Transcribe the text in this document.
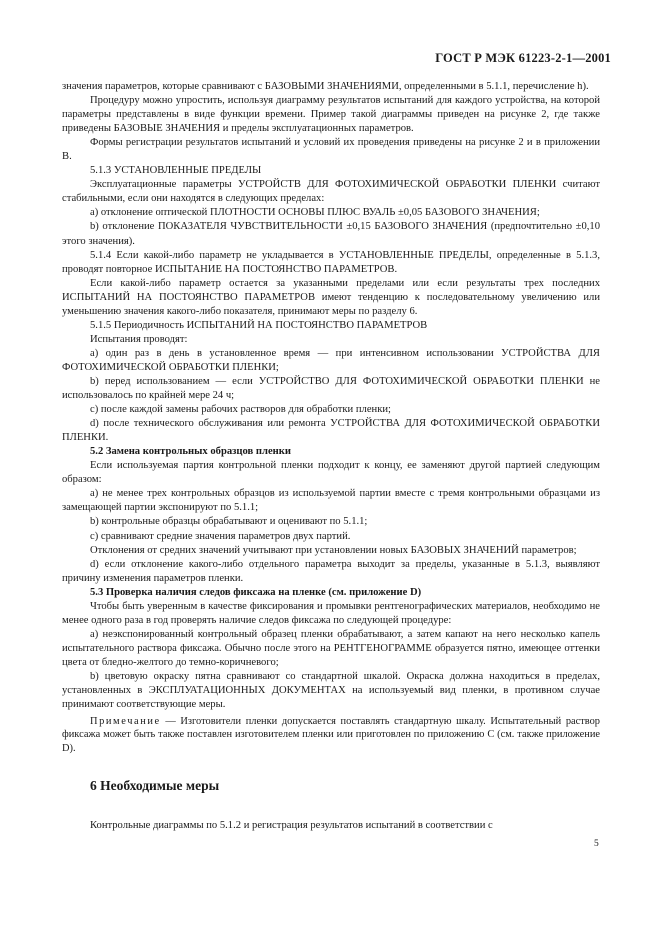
ГОСТ Р МЭК 61223-2-1—2001

значения параметров, которые сравнивают с БАЗОВЫМИ ЗНАЧЕНИЯМИ, определенными в 5.1.1, перечисление h).

Процедуру можно упростить, используя диаграмму результатов испытаний для каждого устройства, на которой параметры представлены в виде функции времени. Пример такой диаграммы приведен на рисунке 2, где также приведены БАЗОВЫЕ ЗНАЧЕНИЯ и пределы эксплуатационных параметров.

Формы регистрации результатов испытаний и условий их проведения приведены на рисунке 2 и в приложении В.

5.1.3 УСТАНОВЛЕННЫЕ ПРЕДЕЛЫ

Эксплуатационные параметры УСТРОЙСТВ ДЛЯ ФОТОХИМИЧЕСКОЙ ОБРАБОТКИ ПЛЕНКИ считают стабильными, если они находятся в следующих пределах:

a) отклонение оптической ПЛОТНОСТИ ОСНОВЫ ПЛЮС ВУАЛЬ ±0,05 БАЗОВОГО ЗНАЧЕНИЯ;

b) отклонение ПОКАЗАТЕЛЯ ЧУВСТВИТЕЛЬНОСТИ ±0,15 БАЗОВОГО ЗНАЧЕНИЯ (предпочтительно ±0,10 этого значения).

5.1.4 Если какой-либо параметр не укладывается в УСТАНОВЛЕННЫЕ ПРЕДЕЛЫ, определенные в 5.1.3, проводят повторное ИСПЫТАНИЕ НА ПОСТОЯНСТВО ПАРАМЕТРОВ.

Если какой-либо параметр остается за указанными пределами или если результаты трех последних ИСПЫТАНИЙ НА ПОСТОЯНСТВО ПАРАМЕТРОВ имеют тенденцию к последовательному увеличению или уменьшению значения какого-либо показателя, принимают меры по разделу 6.

5.1.5 Периодичность ИСПЫТАНИЙ НА ПОСТОЯНСТВО ПАРАМЕТРОВ

Испытания проводят:

a) один раз в день в установленное время — при интенсивном использовании УСТРОЙСТВА ДЛЯ ФОТОХИМИЧЕСКОЙ ОБРАБОТКИ ПЛЕНКИ;

b) перед использованием — если УСТРОЙСТВО ДЛЯ ФОТОХИМИЧЕСКОЙ ОБРАБОТКИ ПЛЕНКИ не использовалось по крайней мере 24 ч;

c) после каждой замены рабочих растворов для обработки пленки;

d) после технического обслуживания или ремонта УСТРОЙСТВА ДЛЯ ФОТОХИМИЧЕСКОЙ ОБРАБОТКИ ПЛЕНКИ.

5.2 Замена контрольных образцов пленки

Если используемая партия контрольной пленки подходит к концу, ее заменяют другой партией следующим образом:

a) не менее трех контрольных образцов из используемой партии вместе с тремя контрольными образцами из замещающей партии экспонируют по 5.1.1;

b) контрольные образцы обрабатывают и оценивают по 5.1.1;

c) сравнивают средние значения параметров двух партий.

Отклонения от средних значений учитывают при установлении новых БАЗОВЫХ ЗНАЧЕНИЙ параметров;

d) если отклонение какого-либо отдельного параметра выходит за пределы, указанные в 5.1.3, выявляют причину изменения параметров пленки.

5.3 Проверка наличия следов фиксажа на пленке (см. приложение D)

Чтобы быть уверенным в качестве фиксирования и промывки рентгенографических материалов, необходимо не менее одного раза в год проверять наличие следов фиксажа по следующей процедуре:

a) неэкспонированный контрольный образец пленки обрабатывают, а затем капают на него несколько капель испытательного раствора фиксажа. Обычно после этого на РЕНТГЕНОГРАММЕ образуется пятно, имеющее оттенки цвета от бледно-желтого до темно-коричневого;

b) цветовую окраску пятна сравнивают со стандартной шкалой. Окраска должна находиться в пределах, установленных в ЭКСПЛУАТАЦИОННЫХ ДОКУМЕНТАХ на используемый вид пленки, в противном случае принимают соответствующие меры.

Примечание — Изготовители пленки допускается поставлять стандартную шкалу. Испытательный раствор фиксажа может быть также поставлен изготовителем пленки или приготовлен по приложению С (см. также приложение D).

6 Необходимые меры

Контрольные диаграммы по 5.1.2 и регистрация результатов испытаний в соответствии с

5
